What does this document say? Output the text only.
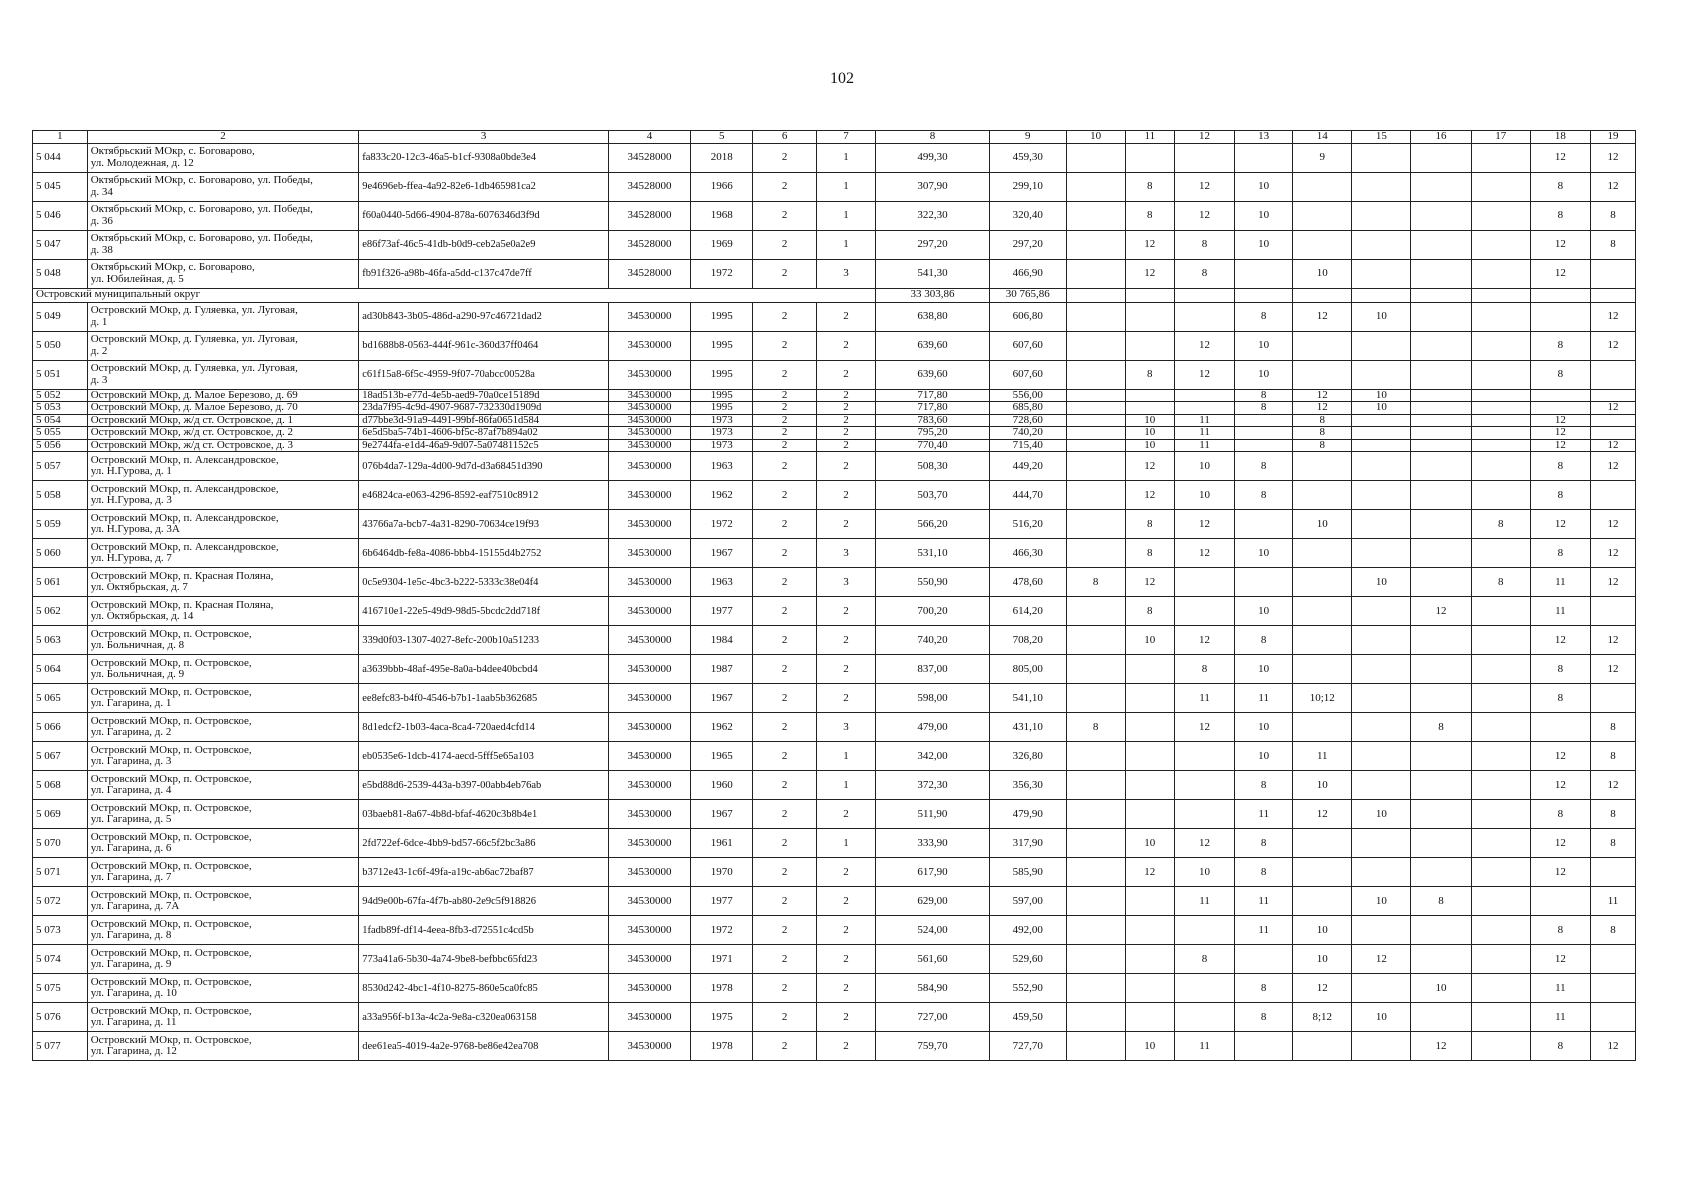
102
1	2	3	4	5	6	7	8	9	10	11	12	13	14	15	16	17	18	19
5 044	Октябрьский МОкр, с. Боговарово,
ул. Молодежная, д. 12	fa833c20-12c3-46a5-b1cf-9308a0bde3e4	34528000	2018	2	1	499,30	459,30					9				12	12
5 045	Октябрьский МОкр, с. Боговарово, ул. Победы,
д. 34	9e4696eb-ffea-4a92-82e6-1db465981ca2	34528000	1966	2	1	307,90	299,10		8	12	10					8	12
5 046	Октябрьский МОкр, с. Боговарово, ул. Победы,
д. 36	f60a0440-5d66-4904-878a-6076346d3f9d	34528000	1968	2	1	322,30	320,40		8	12	10					8	8
5 047	Октябрьский МОкр, с. Боговарово, ул. Победы,
д. 38	e86f73af-46c5-41db-b0d9-ceb2a5e0a2e9	34528000	1969	2	1	297,20	297,20		12	8	10					12	8
5 048	Октябрьский МОкр, с. Боговарово,
ул. Юбилейная, д. 5	fb91f326-a98b-46fa-a5dd-c137c47de7ff	34528000	1972	2	3	541,30	466,90		12	8		10				12	
Островский муниципальный округ							33 303,86	30 765,86										
5 049	Островский МОкр, д. Гуляевка, ул. Луговая,
д. 1	ad30b843-3b05-486d-a290-97c46721dad2	34530000	1995	2	2	638,80	606,80				8	12	10				12
5 050	Островский МОкр, д. Гуляевка, ул. Луговая,
д. 2	bd1688b8-0563-444f-961c-360d37ff0464	34530000	1995	2	2	639,60	607,60			12	10					8	12
5 051	Островский МОкр, д. Гуляевка, ул. Луговая,
д. 3	c61f15a8-6f5c-4959-9f07-70abcc00528a	34530000	1995	2	2	639,60	607,60		8	12	10					8	
5 052	Островский МОкр, д. Малое Березово, д. 69	18ad513b-e77d-4e5b-aed9-70a0ce15189d	34530000	1995	2	2	717,80	556,00				8	12	10				
5 053	Островский МОкр, д. Малое Березово, д. 70	23da7f95-4c9d-4907-9687-732330d1909d	34530000	1995	2	2	717,80	685,80				8	12	10				12
5 054	Островский МОкр, ж/д ст. Островское, д. 1	d77bbe3d-91a9-4491-99bf-86fa0651d584	34530000	1973	2	2	783,60	728,60		10	11		8				12	
5 055	Островский МОкр, ж/д ст. Островское, д. 2	6e5d5ba5-74b1-4606-bf5c-87af7b894a02	34530000	1973	2	2	795,20	740,20		10	11		8				12	
5 056	Островский МОкр, ж/д ст. Островское, д. 3	9e2744fa-e1d4-46a9-9d07-5a07481152c5	34530000	1973	2	2	770,40	715,40		10	11		8				12	12
5 057	Островский МОкр, п. Александровское,
ул. Н.Гурова, д. 1	076b4da7-129a-4d00-9d7d-d3a68451d390	34530000	1963	2	2	508,30	449,20		12	10	8					8	12
5 058	Островский МОкр, п. Александровское,
ул. Н.Гурова, д. 3	e46824ca-e063-4296-8592-eaf7510c8912	34530000	1962	2	2	503,70	444,70		12	10	8					8	
5 059	Островский МОкр, п. Александровское,
ул. Н.Гурова, д. 3А	43766a7a-bcb7-4a31-8290-70634ce19f93	34530000	1972	2	2	566,20	516,20		8	12		10			8	12	12
5 060	Островский МОкр, п. Александровское,
ул. Н.Гурова, д. 7	6b6464db-fe8a-4086-bbb4-15155d4b2752	34530000	1967	2	3	531,10	466,30		8	12	10					8	12
5 061	Островский МОкр, п. Красная Поляна,
ул. Октябрьская, д. 7	0c5e9304-1e5c-4bc3-b222-5333c38e04f4	34530000	1963	2	3	550,90	478,60	8	12				10		8	11	12
5 062	Островский МОкр, п. Красная Поляна,
ул. Октябрьская, д. 14	416710e1-22e5-49d9-98d5-5bcdc2dd718f	34530000	1977	2	2	700,20	614,20		8		10			12		11	
5 063	Островский МОкр, п. Островское,
ул. Больничная, д. 8	339d0f03-1307-4027-8efc-200b10a51233	34530000	1984	2	2	740,20	708,20		10	12	8					12	12
5 064	Островский МОкр, п. Островское,
ул. Больничная, д. 9	a3639bbb-48af-495e-8a0a-b4dee40bcbd4	34530000	1987	2	2	837,00	805,00			8	10					8	12
5 065	Островский МОкр, п. Островское,
ул. Гагарина, д. 1	ee8efc83-b4f0-4546-b7b1-1aab5b362685	34530000	1967	2	2	598,00	541,10			11	11	10;12				8	
5 066	Островский МОкр, п. Островское,
ул. Гагарина, д. 2	8d1edcf2-1b03-4aca-8ca4-720aed4cfd14	34530000	1962	2	3	479,00	431,10	8		12	10			8			8
5 067	Островский МОкр, п. Островское,
ул. Гагарина, д. 3	eb0535e6-1dcb-4174-aecd-5fff5e65a103	34530000	1965	2	1	342,00	326,80				10	11				12	8
5 068	Островский МОкр, п. Островское,
ул. Гагарина, д. 4	e5bd88d6-2539-443a-b397-00abb4eb76ab	34530000	1960	2	1	372,30	356,30				8	10				12	12
5 069	Островский МОкр, п. Островское,
ул. Гагарина, д. 5	03baeb81-8a67-4b8d-bfaf-4620c3b8b4e1	34530000	1967	2	2	511,90	479,90				11	12	10			8	8
5 070	Островский МОкр, п. Островское,
ул. Гагарина, д. 6	2fd722ef-6dce-4bb9-bd57-66c5f2bc3a86	34530000	1961	2	1	333,90	317,90		10	12	8					12	8
5 071	Островский МОкр, п. Островское,
ул. Гагарина, д. 7	b3712e43-1c6f-49fa-a19c-ab6ac72baf87	34530000	1970	2	2	617,90	585,90		12	10	8					12	
5 072	Островский МОкр, п. Островское,
ул. Гагарина, д. 7А	94d9e00b-67fa-4f7b-ab80-2e9c5f918826	34530000	1977	2	2	629,00	597,00			11	11		10	8			11
5 073	Островский МОкр, п. Островское,
ул. Гагарина, д. 8	1fadb89f-df14-4eea-8fb3-d72551c4cd5b	34530000	1972	2	2	524,00	492,00				11	10				8	8
5 074	Островский МОкр, п. Островское,
ул. Гагарина, д. 9	773a41a6-5b30-4a74-9be8-befbbc65fd23	34530000	1971	2	2	561,60	529,60			8		10	12			12	
5 075	Островский МОкр, п. Островское,
ул. Гагарина, д. 10	8530d242-4bc1-4f10-8275-860e5ca0fc85	34530000	1978	2	2	584,90	552,90				8	12		10		11	
5 076	Островский МОкр, п. Островское,
ул. Гагарина, д. 11	a33a956f-b13a-4c2a-9e8a-c320ea063158	34530000	1975	2	2	727,00	459,50				8	8;12	10			11	
5 077	Островский МОкр, п. Островское,
ул. Гагарина, д. 12	dee61ea5-4019-4a2e-9768-be86e42ea708	34530000	1978	2	2	759,70	727,70		10	11				12		8	12
